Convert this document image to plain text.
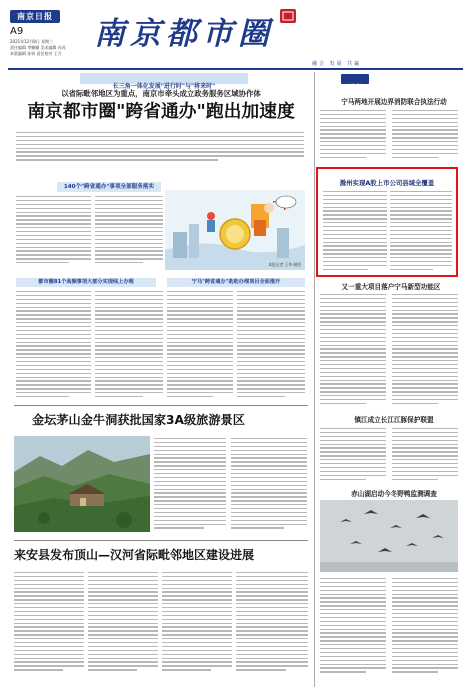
南京日报
A9
2021年12月8日 星期三
责任编辑 李姗姗 美术编辑 孙苏
本版编辑 孙妍 责任校对 王月
南京都市圈
融合 发展 共赢
长三角一体化发展"进行时"与"将来时"
以省际毗邻地区为重点，南京市牵头成立政务服务区域协作体
南京都市圈"跨省通办"跑出加速度
140个"跨省通办"事项全部服务落实
本报记者 王华 制图
都市圈81个高频事项大部分实现线上办理	宁马"跨省通办"助助办理项目全面推开
金坛茅山金牛洞获批国家3A级旅游景区
来安县发布顶山—汉河省际毗邻地区建设进展
城事
宁马两地开展边界消防联合执法行动
滁州实现A股上市公司县域全覆盖
又一重大项目落户宁马新型功能区
镇江成立长江江豚保护联盟
赤山湖启动今冬野鸭监测调查
